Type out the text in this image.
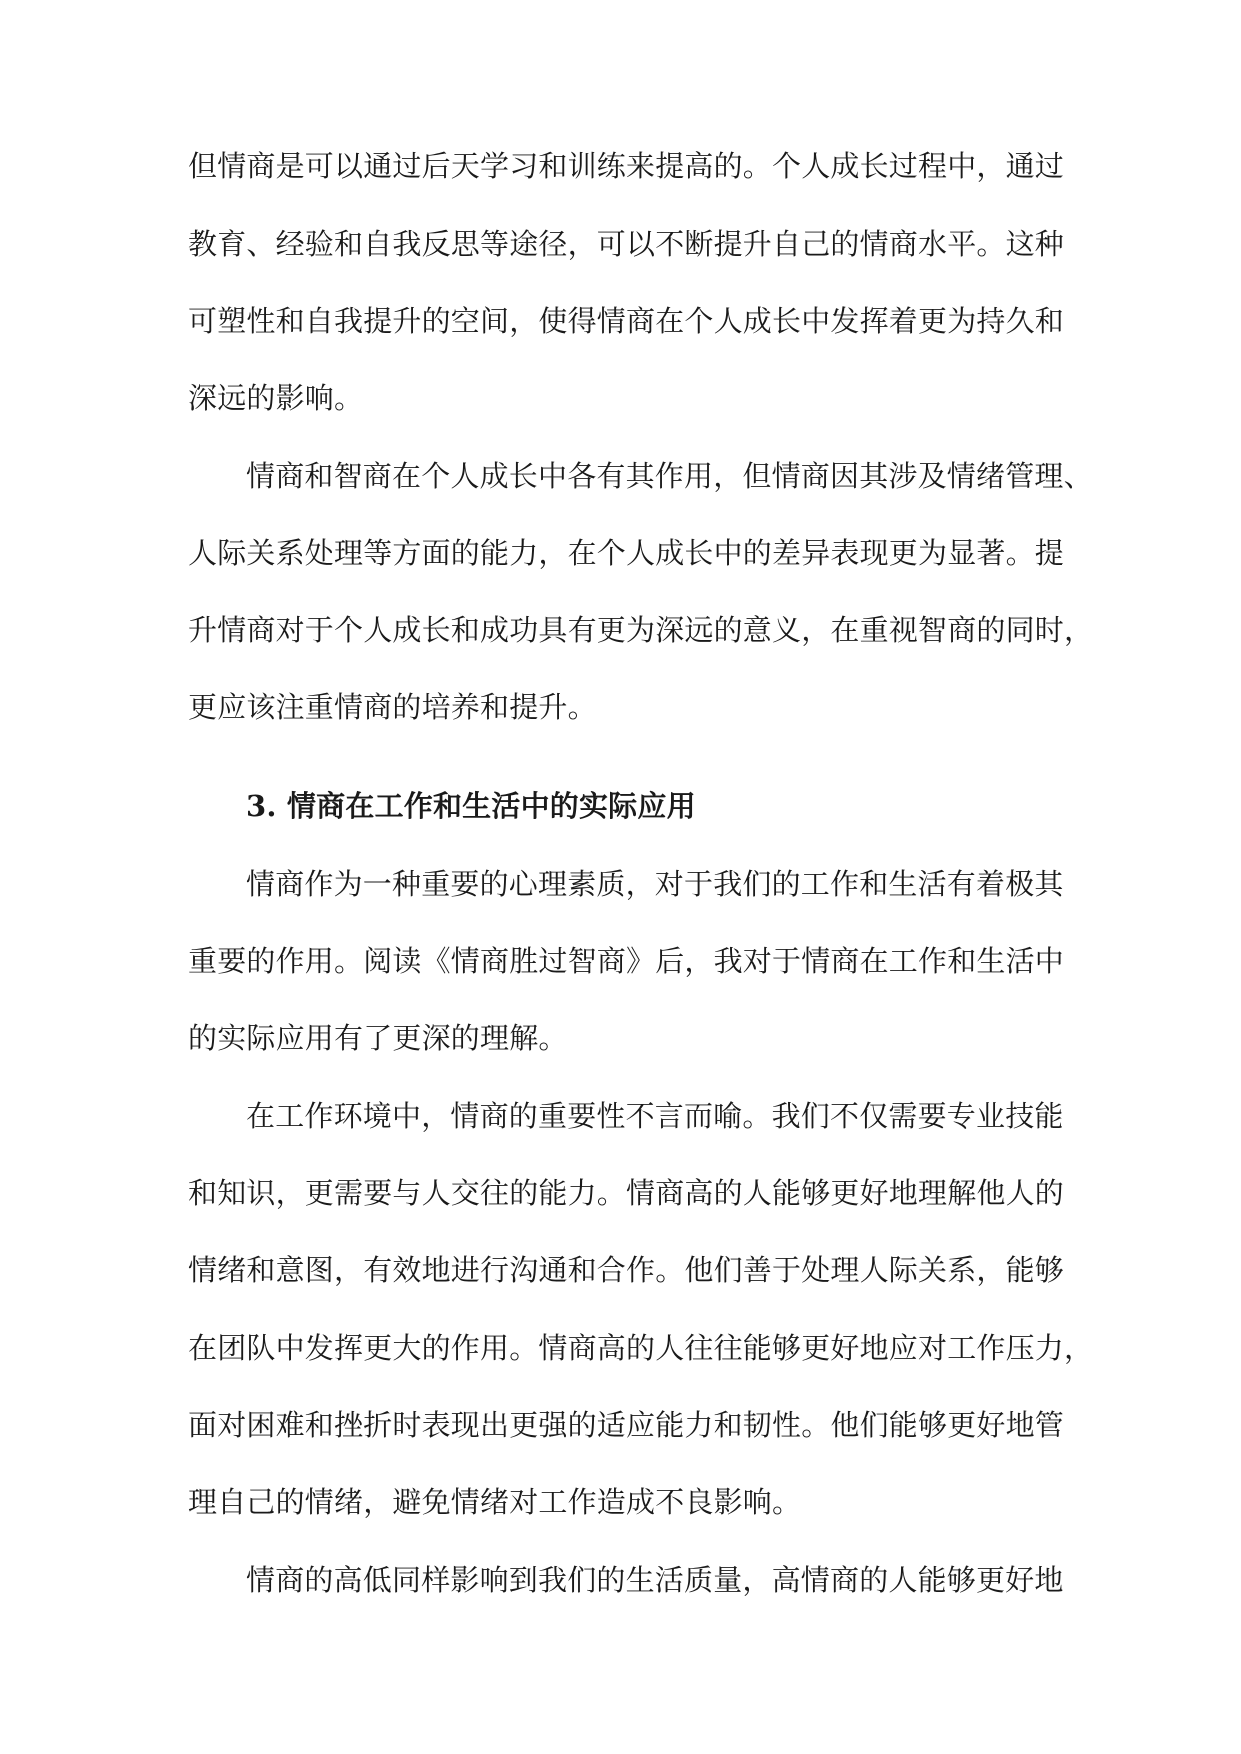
但情商是可以通过后天学习和训练来提高的。个人成长过程中，通过
教育、经验和自我反思等途径，可以不断提升自己的情商水平。这种
可塑性和自我提升的空间，使得情商在个人成长中发挥着更为持久和
深远的影响。
情商和智商在个人成长中各有其作用，但情商因其涉及情绪管理、
人际关系处理等方面的能力，在个人成长中的差异表现更为显著。提
升情商对于个人成长和成功具有更为深远的意义，在重视智商的同时，
更应该注重情商的培养和提升。
3. 情商在工作和生活中的实际应用
情商作为一种重要的心理素质，对于我们的工作和生活有着极其
重要的作用。阅读《情商胜过智商》后，我对于情商在工作和生活中
的实际应用有了更深的理解。
在工作环境中，情商的重要性不言而喻。我们不仅需要专业技能
和知识，更需要与人交往的能力。情商高的人能够更好地理解他人的
情绪和意图，有效地进行沟通和合作。他们善于处理人际关系，能够
在团队中发挥更大的作用。情商高的人往往能够更好地应对工作压力，
面对困难和挫折时表现出更强的适应能力和韧性。他们能够更好地管
理自己的情绪，避免情绪对工作造成不良影响。
情商的高低同样影响到我们的生活质量，高情商的人能够更好地
